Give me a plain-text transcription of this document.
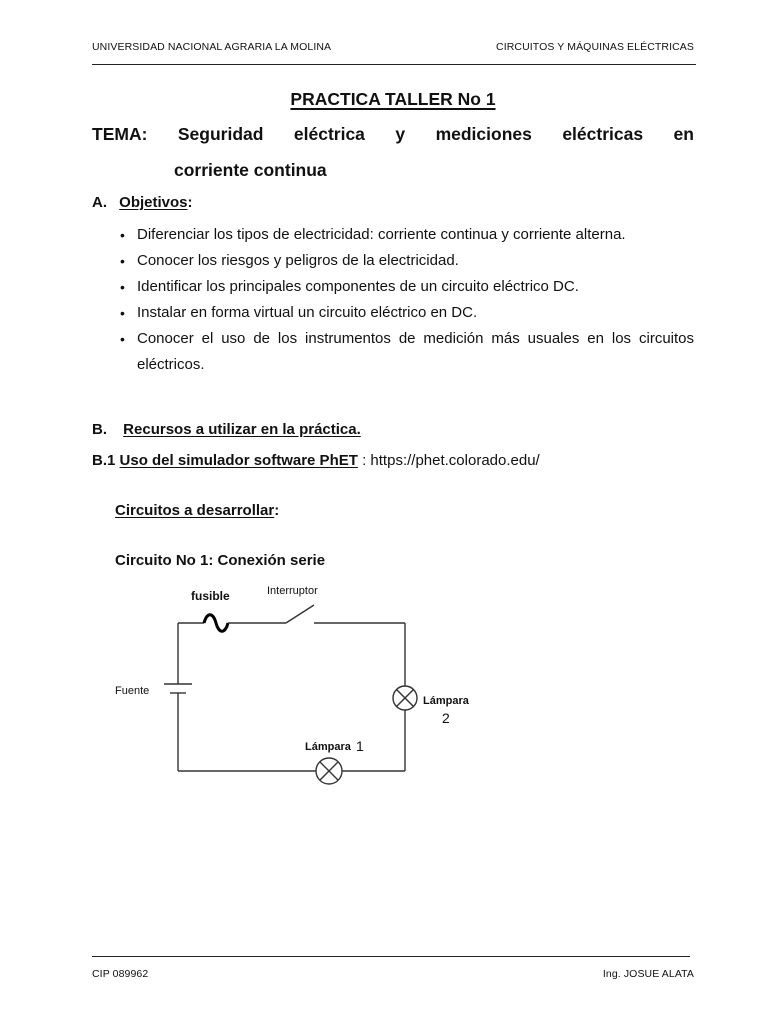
UNIVERSIDAD NACIONAL AGRARIA LA MOLINA	CIRCUITOS Y MÁQUINAS ELÉCTRICAS
PRACTICA TALLER No 1
TEMA: Seguridad eléctrica y mediciones eléctricas en
corriente continua
A. Objetivos:
• Diferenciar los tipos de electricidad: corriente continua y corriente alterna.
• Conocer los riesgos y peligros de la electricidad.
• Identificar los principales componentes de un circuito eléctrico DC.
• Instalar en forma virtual un circuito eléctrico en DC.
• Conocer el uso de los instrumentos de medición más usuales en los circuitos eléctricos.
B. Recursos a utilizar en la práctica.
B.1 Uso del simulador software PhET : https://phet.colorado.edu/
Circuitos a desarrollar:
Circuito No 1: Conexión serie
fusible	Interruptor
Fuente
Lámpara
2
Lámpara 1
CIP 089962	Ing. JOSUE ALATA
